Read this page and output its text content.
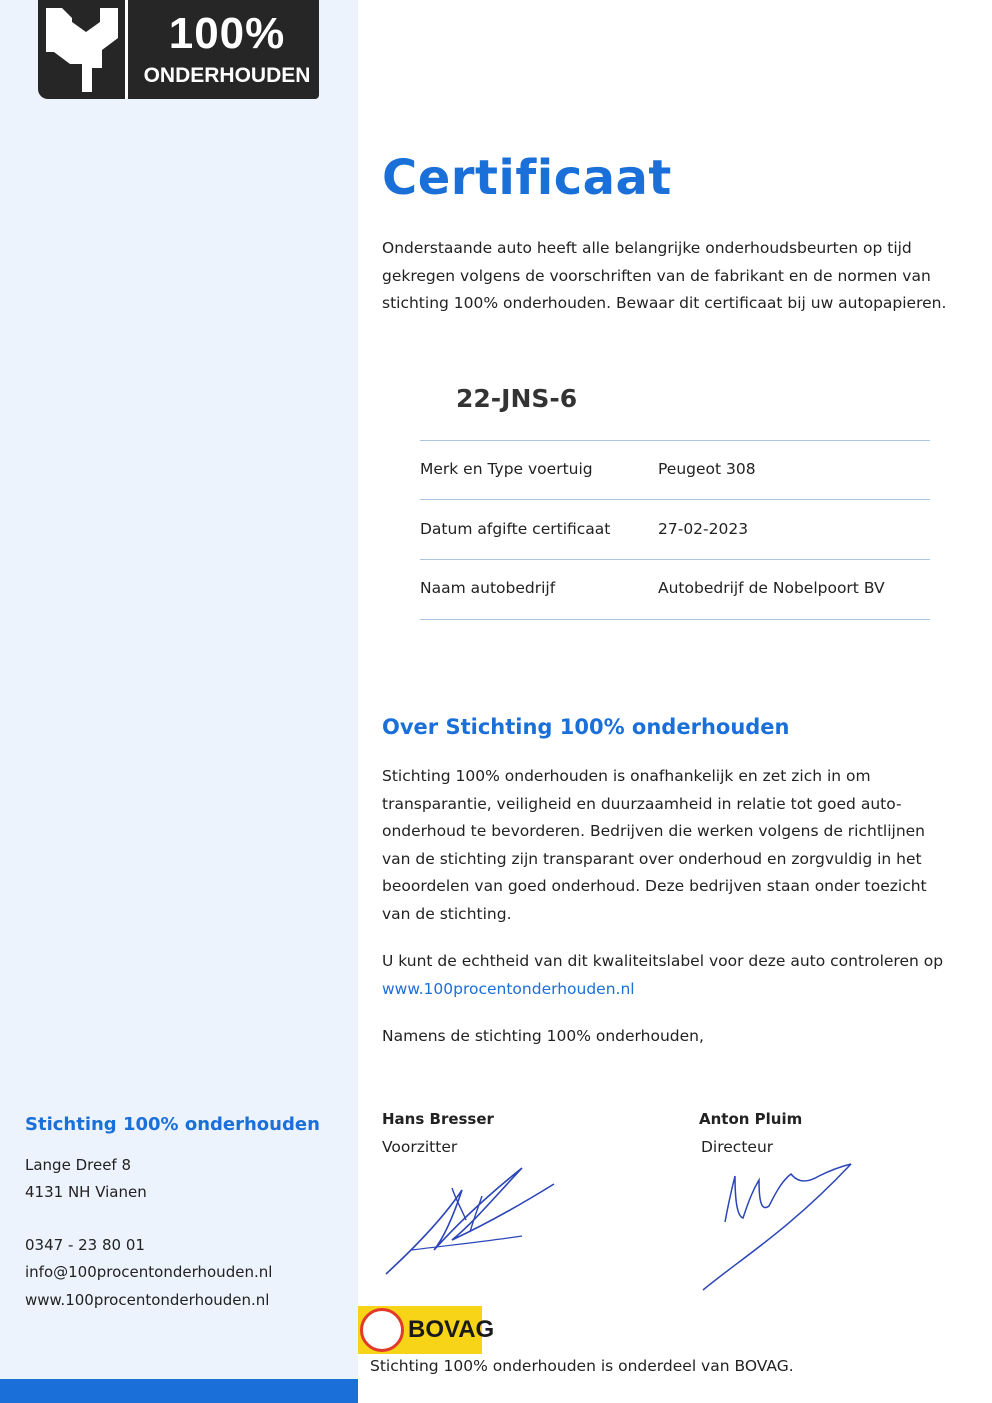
100%
ONDERHOUDEN
Stichting 100% onderhouden
Lange Dreef 8
4131 NH Vianen
0347 - 23 80 01
info@100procentonderhouden.nl
www.100procentonderhouden.nl
Certificaat
Onderstaande auto heeft alle belangrijke onderhoudsbeurten op tijd
gekregen volgens de voorschriften van de fabrikant en de normen van
stichting 100% onderhouden. Bewaar dit certificaat bij uw autopapieren.
22-JNS-6
Merk en Type voertuig	Peugeot 308
Datum afgifte certificaat	27-02-2023
Naam autobedrijf	Autobedrijf de Nobelpoort BV
Over Stichting 100% onderhouden
Stichting 100% onderhouden is onafhankelijk en zet zich in om
transparantie, veiligheid en duurzaamheid in relatie tot goed auto-
onderhoud te bevorderen. Bedrijven die werken volgens de richtlijnen
van de stichting zijn transparant over onderhoud en zorgvuldig in het
beoordelen van goed onderhoud. Deze bedrijven staan onder toezicht
van de stichting.
U kunt de echtheid van dit kwaliteitslabel voor deze auto controleren op
www.100procentonderhouden.nl
Namens de stichting 100% onderhouden,
Hans Bresser
Voorzitter
Anton Pluim
Directeur
BOVAG
Stichting 100% onderhouden is onderdeel van BOVAG.
